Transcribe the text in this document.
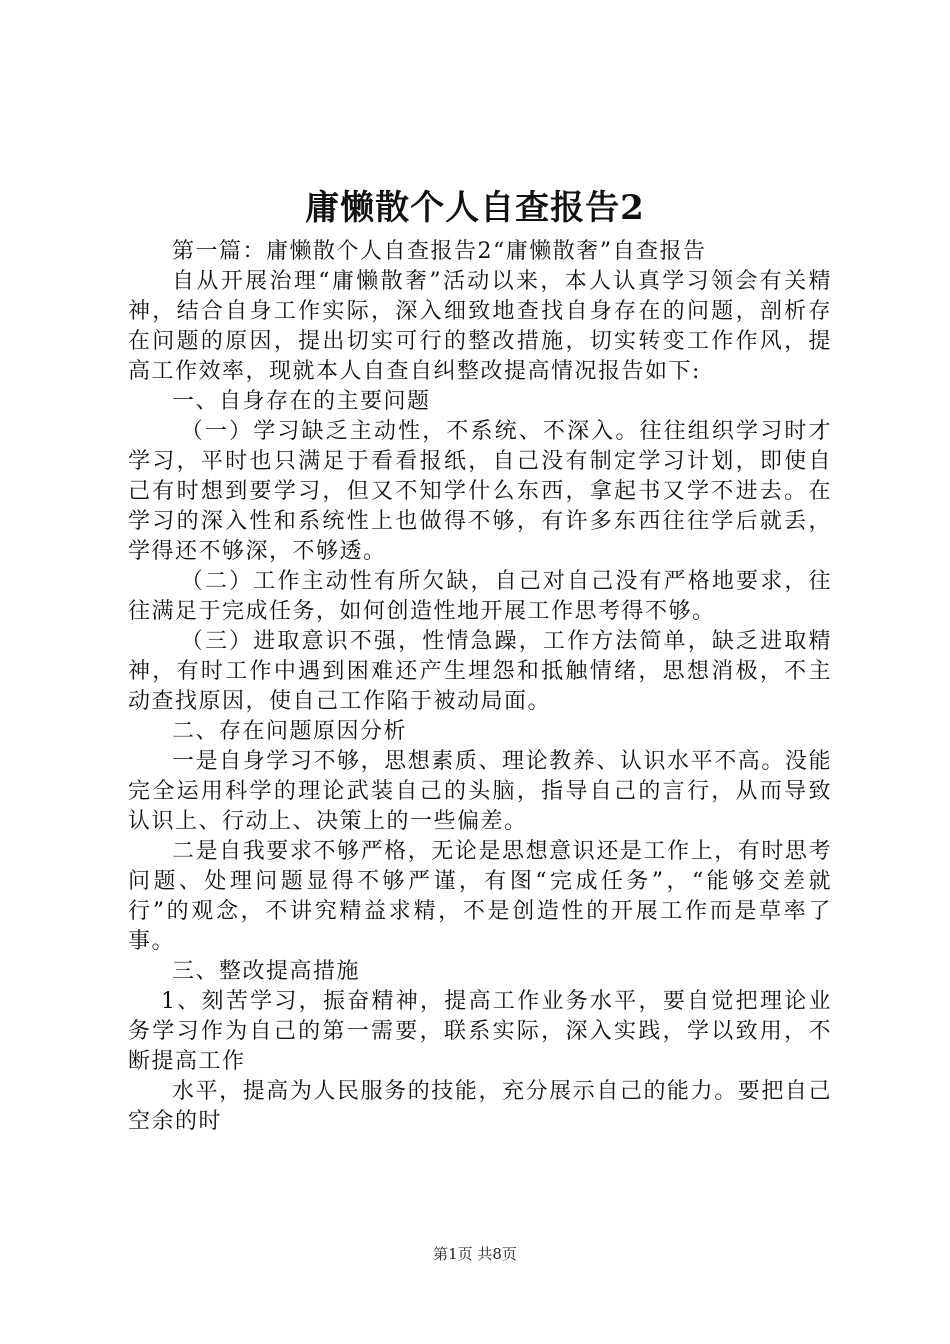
庸懒散个人自查报告2

第一篇：庸懒散个人自查报告2“庸懒散奢”自查报告

自从开展治理“庸懒散奢”活动以来，本人认真学习领会有关精神，结合自身工作实际，深入细致地查找自身存在的问题，剖析存在问题的原因，提出切实可行的整改措施，切实转变工作作风，提高工作效率，现就本人自查自纠整改提高情况报告如下:

一、自身存在的主要问题

（一）学习缺乏主动性，不系统、不深入。往往组织学习时才学习，平时也只满足于看看报纸，自己没有制定学习计划，即使自己有时想到要学习，但又不知学什么东西，拿起书又学不进去。在学习的深入性和系统性上也做得不够，有许多东西往往学后就丢，学得还不够深，不够透。

（二）工作主动性有所欠缺，自己对自己没有严格地要求，往往满足于完成任务，如何创造性地开展工作思考得不够。

（三）进取意识不强，性情急躁，工作方法简单，缺乏进取精神，有时工作中遇到困难还产生埋怨和抵触情绪，思想消极，不主动查找原因，使自己工作陷于被动局面。

二、存在问题原因分析

一是自身学习不够，思想素质、理论教养、认识水平不高。没能完全运用科学的理论武装自己的头脑，指导自己的言行，从而导致认识上、行动上、决策上的一些偏差。

二是自我要求不够严格，无论是思想意识还是工作上，有时思考问题、处理问题显得不够严谨，有图“完成任务”，“能够交差就行”的观念，不讲究精益求精，不是创造性的开展工作而是草率了事。

三、整改提高措施

1、刻苦学习，振奋精神，提高工作业务水平，要自觉把理论业务学习作为自己的第一需要，联系实际，深入实践，学以致用，不断提高工作

水平，提高为人民服务的技能，充分展示自己的能力。要把自己空余的时

第1页 共8页
